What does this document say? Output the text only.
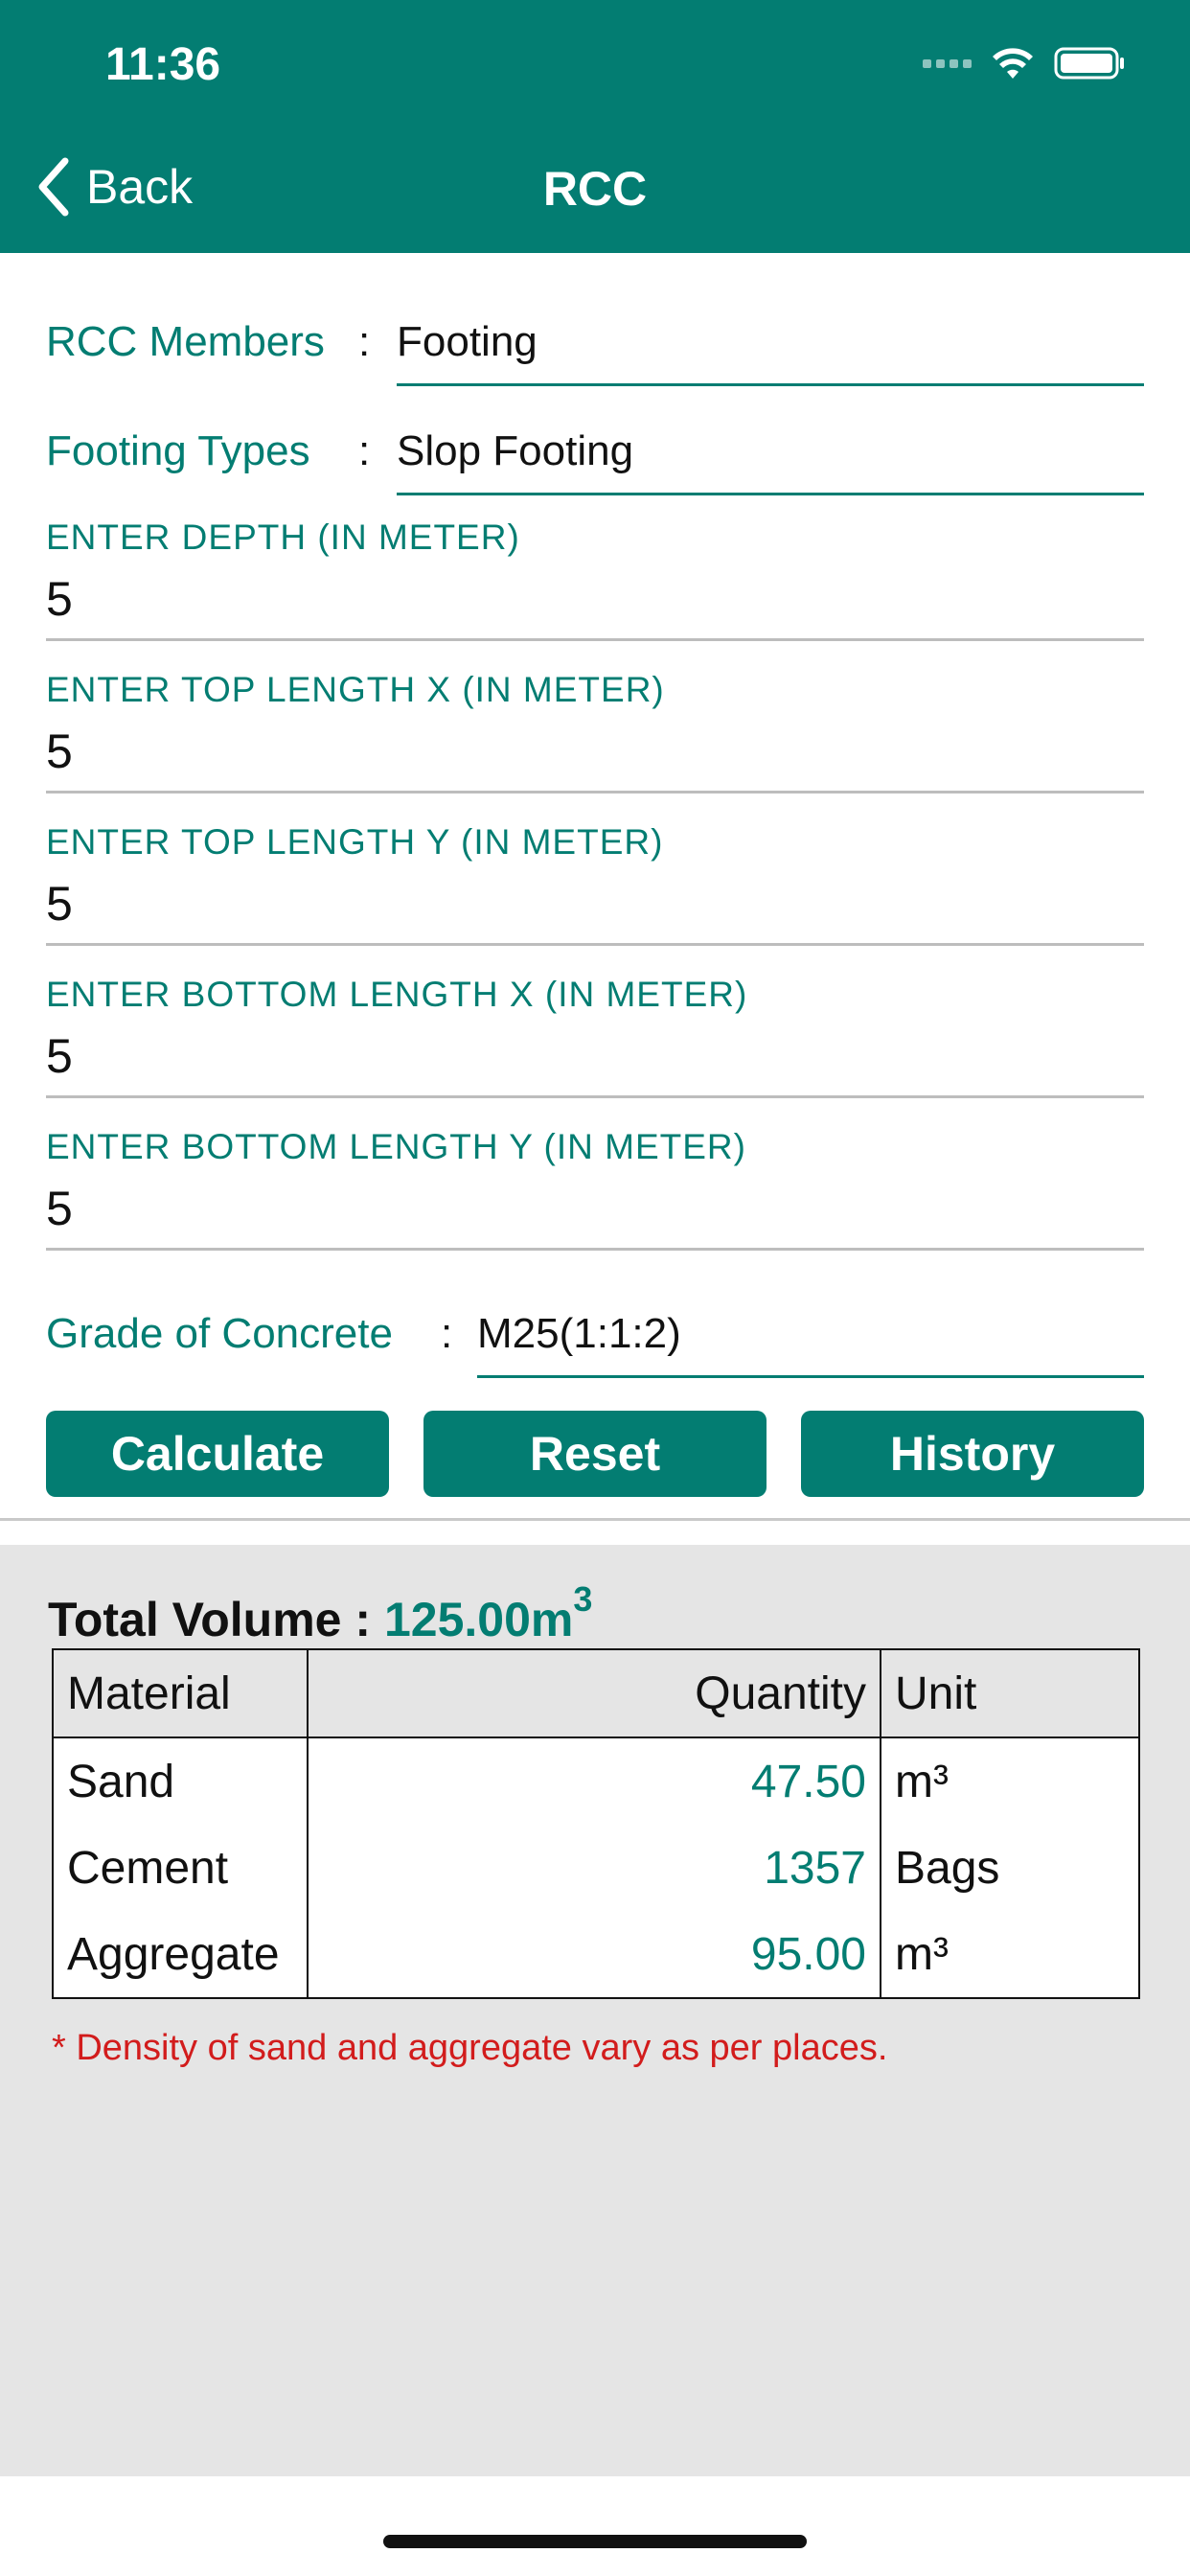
11:36
Back	RCC
RCC Members : Footing
Footing Types : Slop Footing
ENTER DEPTH (IN METER)
5
ENTER TOP LENGTH X (IN METER)
5
ENTER TOP LENGTH Y (IN METER)
5
ENTER BOTTOM LENGTH X (IN METER)
5
ENTER BOTTOM LENGTH Y (IN METER)
5
Grade of Concrete : M25(1:1:2)
Calculate	Reset	History
Total Volume : $125.00m^3$
Material	Quantity	Unit
Sand	47.50	m³
Cement	1357	Bags
Aggregate	95.00	m³
* Density of sand and aggregate vary as per places.
